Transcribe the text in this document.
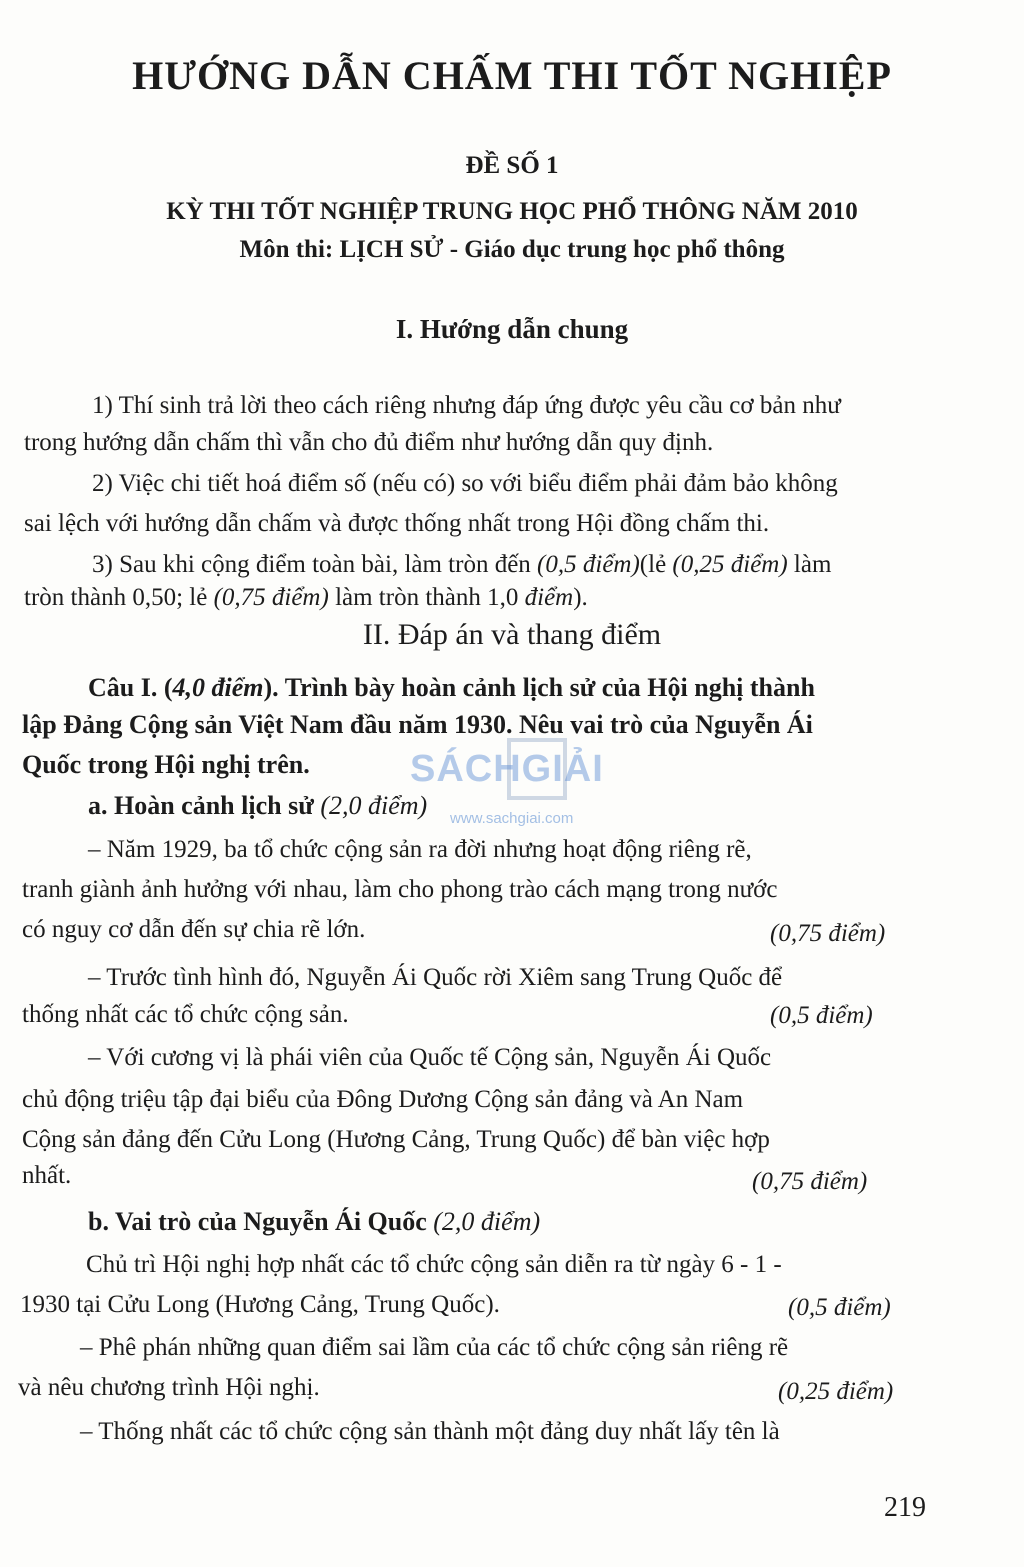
HƯỚNG DẪN CHẤM THI TỐT NGHIỆP
ĐỀ SỐ 1
KỲ THI TỐT NGHIỆP TRUNG HỌC PHỔ THÔNG NĂM 2010
Môn thi: LỊCH SỬ - Giáo dục trung học phổ thông
I. Hướng dẫn chung
1) Thí sinh trả lời theo cách riêng nhưng đáp ứng được yêu cầu cơ bản như
trong hướng dẫn chấm thì vẫn cho đủ điểm như hướng dẫn quy định.
2) Việc chi tiết hoá điểm số (nếu có) so với biểu điểm phải đảm bảo không
sai lệch với hướng dẫn chấm và được thống nhất trong Hội đồng chấm thi.
3) Sau khi cộng điểm toàn bài, làm tròn đến (0,5 điểm)(lẻ (0,25 điểm) làm
tròn thành 0,50; lẻ (0,75 điểm) làm tròn thành 1,0 điểm).
II. Đáp án và thang điểm
Câu I. (4,0 điểm). Trình bày hoàn cảnh lịch sử của Hội nghị thành
lập Đảng Cộng sản Việt Nam đầu năm 1930. Nêu vai trò của Nguyễn Ái
Quốc trong Hội nghị trên.
a. Hoàn cảnh lịch sử (2,0 điểm)
– Năm 1929, ba tổ chức cộng sản ra đời nhưng hoạt động riêng rẽ,
tranh giành ảnh hưởng với nhau, làm cho phong trào cách mạng trong nước
có nguy cơ dẫn đến sự chia rẽ lớn.	(0,75 điểm)
– Trước tình hình đó, Nguyễn Ái Quốc rời Xiêm sang Trung Quốc để
thống nhất các tổ chức cộng sản.	(0,5 điểm)
– Với cương vị là phái viên của Quốc tế Cộng sản, Nguyễn Ái Quốc
chủ động triệu tập đại biểu của Đông Dương Cộng sản đảng và An Nam
Cộng sản đảng đến Cửu Long (Hương Cảng, Trung Quốc) để bàn việc hợp
nhất.	(0,75 điểm)
b. Vai trò của Nguyễn Ái Quốc (2,0 điểm)
Chủ trì Hội nghị hợp nhất các tổ chức cộng sản diễn ra từ ngày 6 - 1 -
1930 tại Cửu Long (Hương Cảng, Trung Quốc).	(0,5 điểm)
– Phê phán những quan điểm sai lầm của các tổ chức cộng sản riêng rẽ
và nêu chương trình Hội nghị.	(0,25 điểm)
– Thống nhất các tổ chức cộng sản thành một đảng duy nhất lấy tên là
SÁCHGIẢI
www.sachgiai.com
219
